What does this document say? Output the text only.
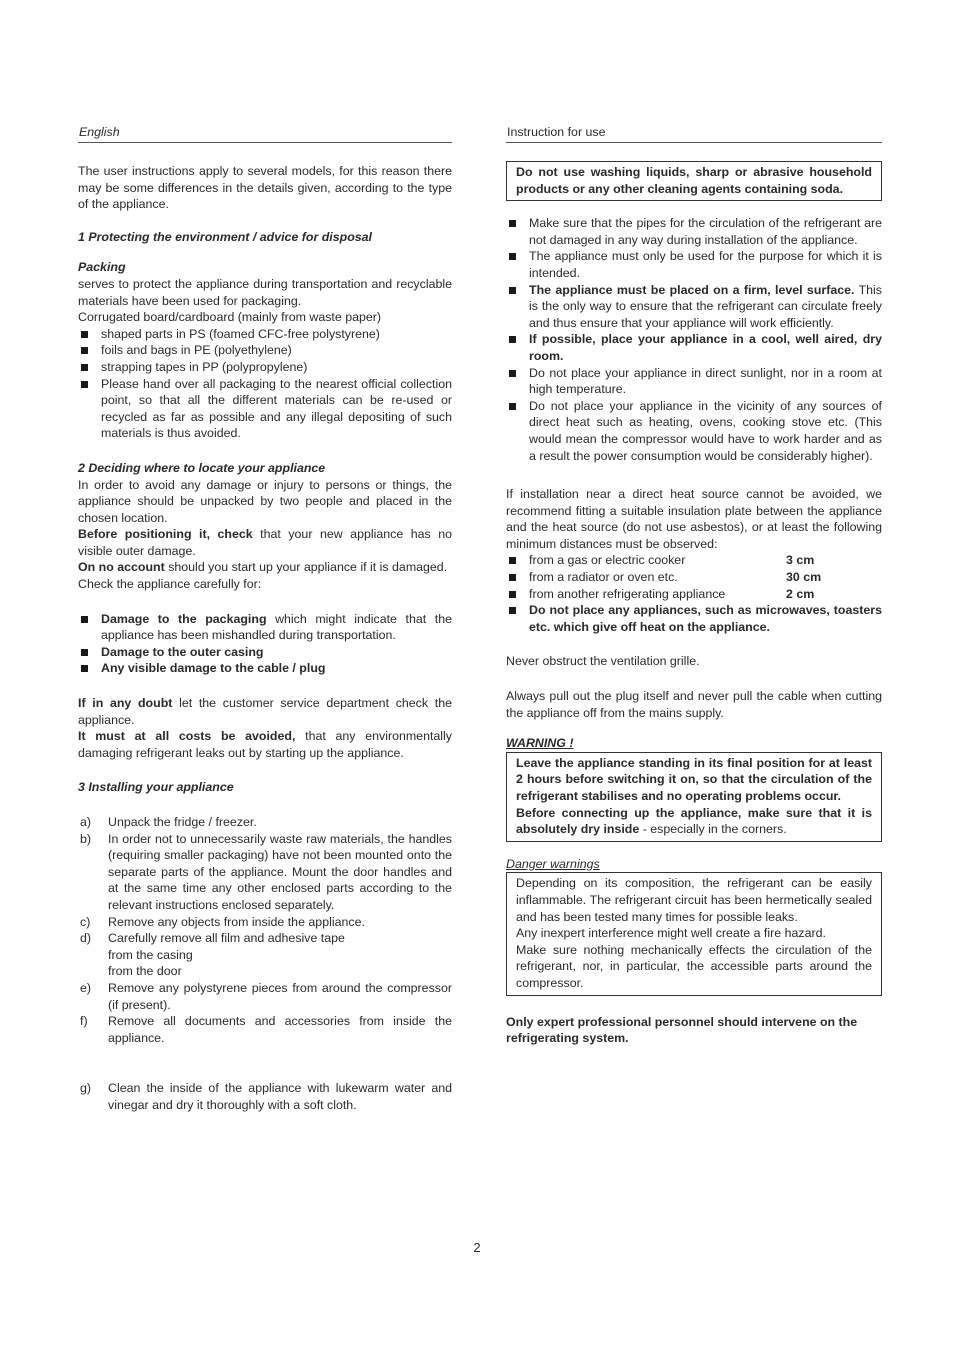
English

The user instructions apply to several models, for this reason there may be some differences in the details given, according to the type of the appliance.

1 Protecting the environment / advice for disposal

Packing

serves to protect the appliance during transportation and recyclable materials have been used for packaging.

Corrugated board/cardboard (mainly from waste paper)

shaped parts in PS (foamed CFC-free polystyrene)
foils and bags in PE (polyethylene)
strapping tapes in PP (polypropylene)
Please hand over all packaging to the nearest official collection point, so that all the different materials can be re-used or recycled as far as possible and any illegal depositing of such materials is thus avoided.

2 Deciding where to locate your appliance

In order to avoid any damage or injury to persons or things, the appliance should be unpacked by two people and placed in the chosen location.

Before positioning it, check that your new appliance has no visible outer damage.

On no account should you start up your appliance if it is damaged.

Check the appliance carefully for:

Damage to the packaging which might indicate that the appliance has been mishandled during transportation.
Damage to the outer casing
Any visible damage to the cable / plug

If in any doubt let the customer service department check the appliance.

It must at all costs be avoided, that any environmentally damaging refrigerant leaks out by starting up the appliance.

3 Installing your appliance

a) Unpack the fridge / freezer.
b) In order not to unnecessarily waste raw materials, the handles (requiring smaller packaging) have not been mounted onto the separate parts of the appliance. Mount the door handles and at the same time any other enclosed parts according to the relevant instructions enclosed separately.
c) Remove any objects from inside the appliance.
d) Carefully remove all film and adhesive tape
from the casing
from the door
e) Remove any polystyrene pieces from around the compressor (if present).
f) Remove all documents and accessories from inside the appliance.
g) Clean the inside of the appliance with lukewarm water and vinegar and dry it thoroughly with a soft cloth.
Instruction for use
Do not use washing liquids, sharp or abrasive household products or any other cleaning agents containing soda.
Make sure that the pipes for the circulation of the refrigerant are not damaged in any way during installation of the appliance.
The appliance must only be used for the purpose for which it is intended.
The appliance must be placed on a firm, level surface. This is the only way to ensure that the refrigerant can circulate freely and thus ensure that your appliance will work efficiently.
If possible, place your appliance in a cool, well aired, dry room.
Do not place your appliance in direct sunlight, nor in a room at high temperature.
Do not place your appliance in the vicinity of any sources of direct heat such as heating, ovens, cooking stove etc. (This would mean the compressor would have to work harder and as a result the power consumption would be considerably higher).

If installation near a direct heat source cannot be avoided, we recommend fitting a suitable insulation plate between the appliance and the heat source (do not use asbestos), or at least the following minimum distances must be observed:

from a gas or electric cooker	3 cm
from a radiator or oven etc.	30 cm
from another refrigerating appliance	2 cm
Do not place any appliances, such as microwaves, toasters etc. which give off heat on the appliance.

Never obstruct the ventilation grille.

Always pull out the plug itself and never pull the cable when cutting the appliance off from the mains supply.

WARNING !

Leave the appliance standing in its final position for at least 2 hours before switching it on, so that the circulation of the refrigerant stabilises and no operating problems occur.

Before connecting up the appliance, make sure that it is absolutely dry inside - especially in the corners.

Danger warnings

Depending on its composition, the refrigerant can be easily inflammable. The refrigerant circuit has been hermetically sealed and has been tested many times for possible leaks.

Any inexpert interference might well create a fire hazard.

Make sure nothing mechanically effects the circulation of the refrigerant, nor, in particular, the accessible parts around the compressor.

Only expert professional personnel should intervene on the refrigerating system.

2
